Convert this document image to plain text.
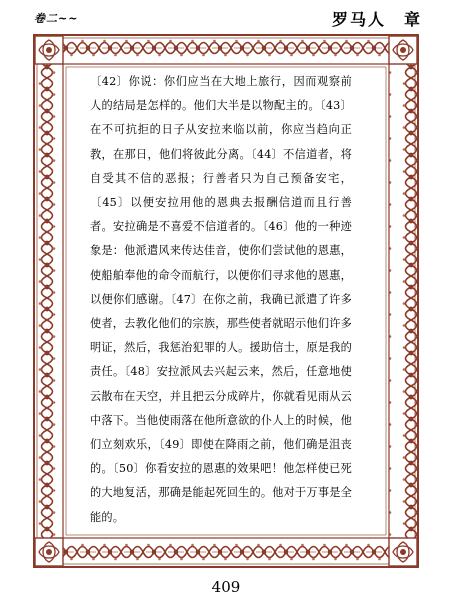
卷二~~	罗马人　章
〔42〕你说：你们应当在大地上旅行，因而观察前人的结局是怎样的。他们大半是以物配主的。〔43〕在不可抗拒的日子从安拉来临以前，你应当趋向正教，在那日，他们将彼此分离。〔44〕不信道者，将自受其不信的恶报；行善者只为自己预备安宅，〔45〕以便安拉用他的恩典去报酬信道而且行善者。安拉确是不喜爱不信道者的。〔46〕他的一种迹象是：他派遣风来传达佳音，使你们尝试他的恩惠，使船舶奉他的命令而航行，以便你们寻求他的恩惠，以便你们感谢。〔47〕在你之前，我确已派遣了许多使者，去教化他们的宗族，那些使者就昭示他们许多明证，然后，我惩治犯罪的人。援助信士，原是我的责任。〔48〕安拉派风去兴起云来，然后，任意地使云散布在天空，并且把云分成碎片，你就看见雨从云中落下。当他使雨落在他所意欲的仆人上的时候，他们立刻欢乐，〔49〕即使在降雨之前，他们确是沮丧的。〔50〕你看安拉的恩惠的效果吧！他怎样使已死的大地复活，那确是能起死回生的。他对于万事是全能的。
409
